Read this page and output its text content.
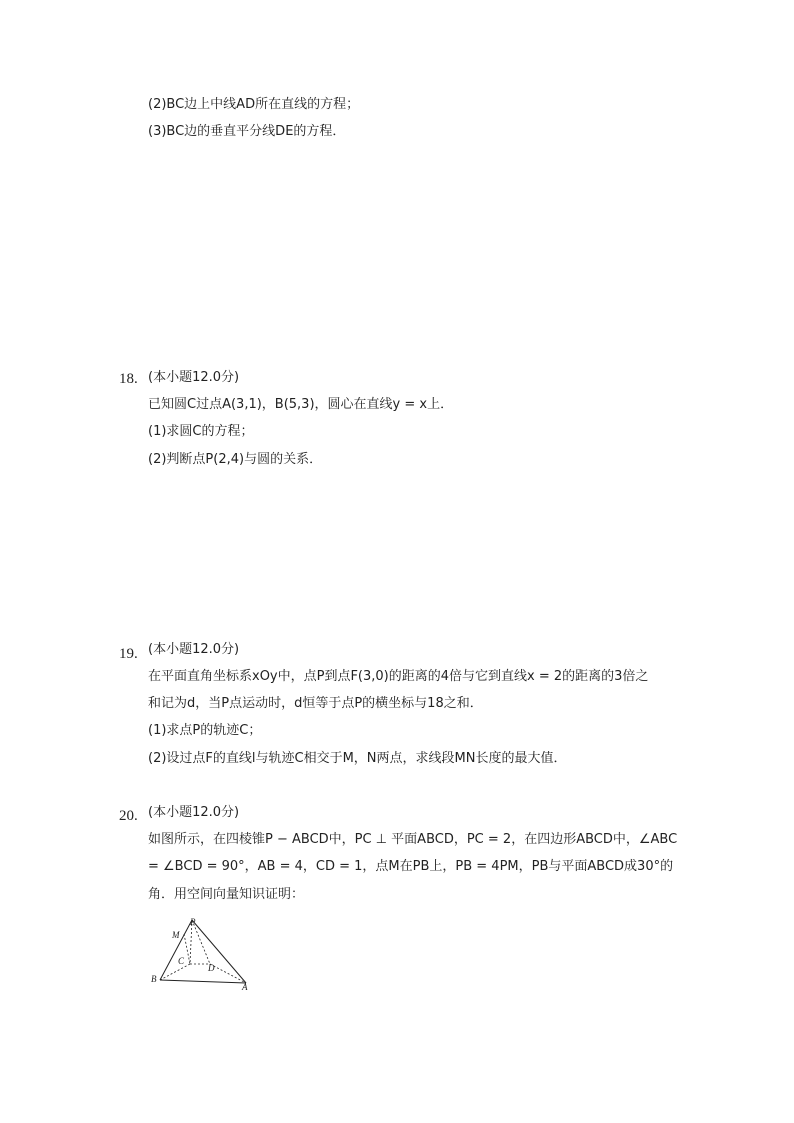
(2)BC边上中线AD所在直线的方程；
(3)BC边的垂直平分线DE的方程．
18. (本小题12.0分)
已知圆C过点A(3,1)，B(5,3)，圆心在直线y = x上．
(1)求圆C的方程；
(2)判断点P(2,4)与圆的关系．
19. (本小题12.0分)
在平面直角坐标系xOy中，点P到点F(3,0)的距离的4倍与它到直线x = 2的距离的3倍之
和记为d，当P点运动时，d恒等于点P的横坐标与18之和．
(1)求点P的轨迹C；
(2)设过点F的直线l与轨迹C相交于M，N两点，求线段MN长度的最大值．
20. (本小题12.0分)
如图所示，在四棱锥P − ABCD中，PC ⊥ 平面ABCD，PC = 2，在四边形ABCD中，∠ABC
= ∠BCD = 90°，AB = 4，CD = 1，点M在PB上，PB = 4PM，PB与平面ABCD成30°的
角．用空间向量知识证明：
P
M
C
D
B
A
